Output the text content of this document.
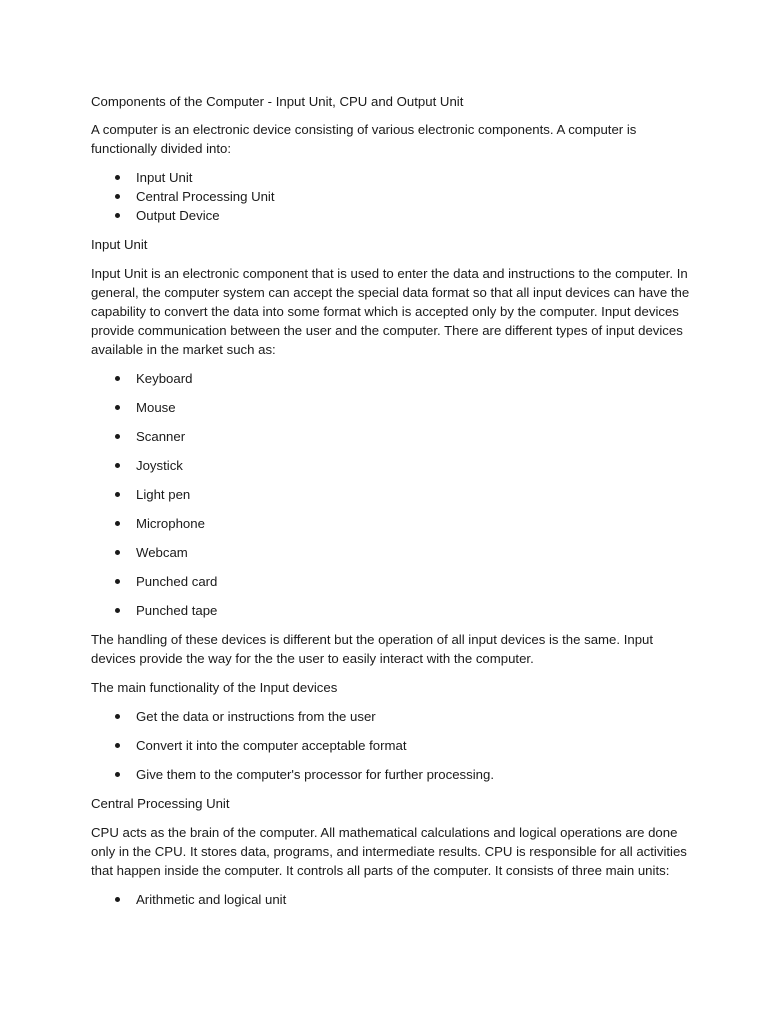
Components of the Computer - Input Unit, CPU and Output Unit

A computer is an electronic device consisting of various electronic components. A computer is functionally divided into:

Input Unit
Central Processing Unit
Output Device

Input Unit

Input Unit is an electronic component that is used to enter the data and instructions to the computer. In general, the computer system can accept the special data format so that all input devices can have the capability to convert the data into some format which is accepted only by the computer. Input devices provide communication between the user and the computer. There are different types of input devices available in the market such as:

Keyboard
Mouse
Scanner
Joystick
Light pen
Microphone
Webcam
Punched card
Punched tape

The handling of these devices is different but the operation of all input devices is the same. Input devices provide the way for the the user to easily interact with the computer.

The main functionality of the Input devices

Get the data or instructions from the user
Convert it into the computer acceptable format
Give them to the computer's processor for further processing.

Central Processing Unit

CPU acts as the brain of the computer. All mathematical calculations and logical operations are done only in the CPU. It stores data, programs, and intermediate results. CPU is responsible for all activities that happen inside the computer. It controls all parts of the computer. It consists of three main units:

Arithmetic and logical unit
